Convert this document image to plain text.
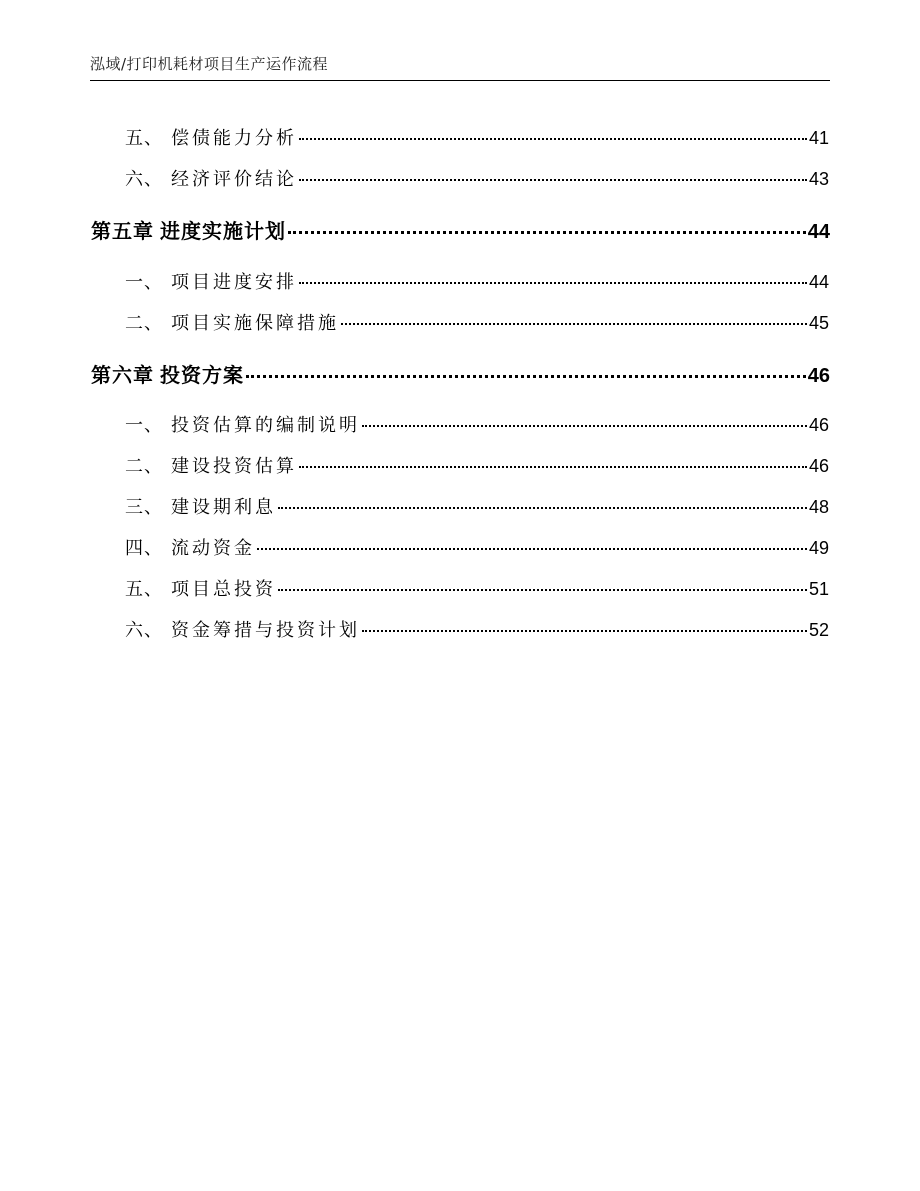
泓域/打印机耗材项目生产运作流程
五、 偿债能力分析	41
六、 经济评价结论	43
第五章 进度实施计划	44
一、 项目进度安排	44
二、 项目实施保障措施	45
第六章 投资方案	46
一、 投资估算的编制说明	46
二、 建设投资估算	46
三、 建设期利息	48
四、 流动资金	49
五、 项目总投资	51
六、 资金筹措与投资计划	52
